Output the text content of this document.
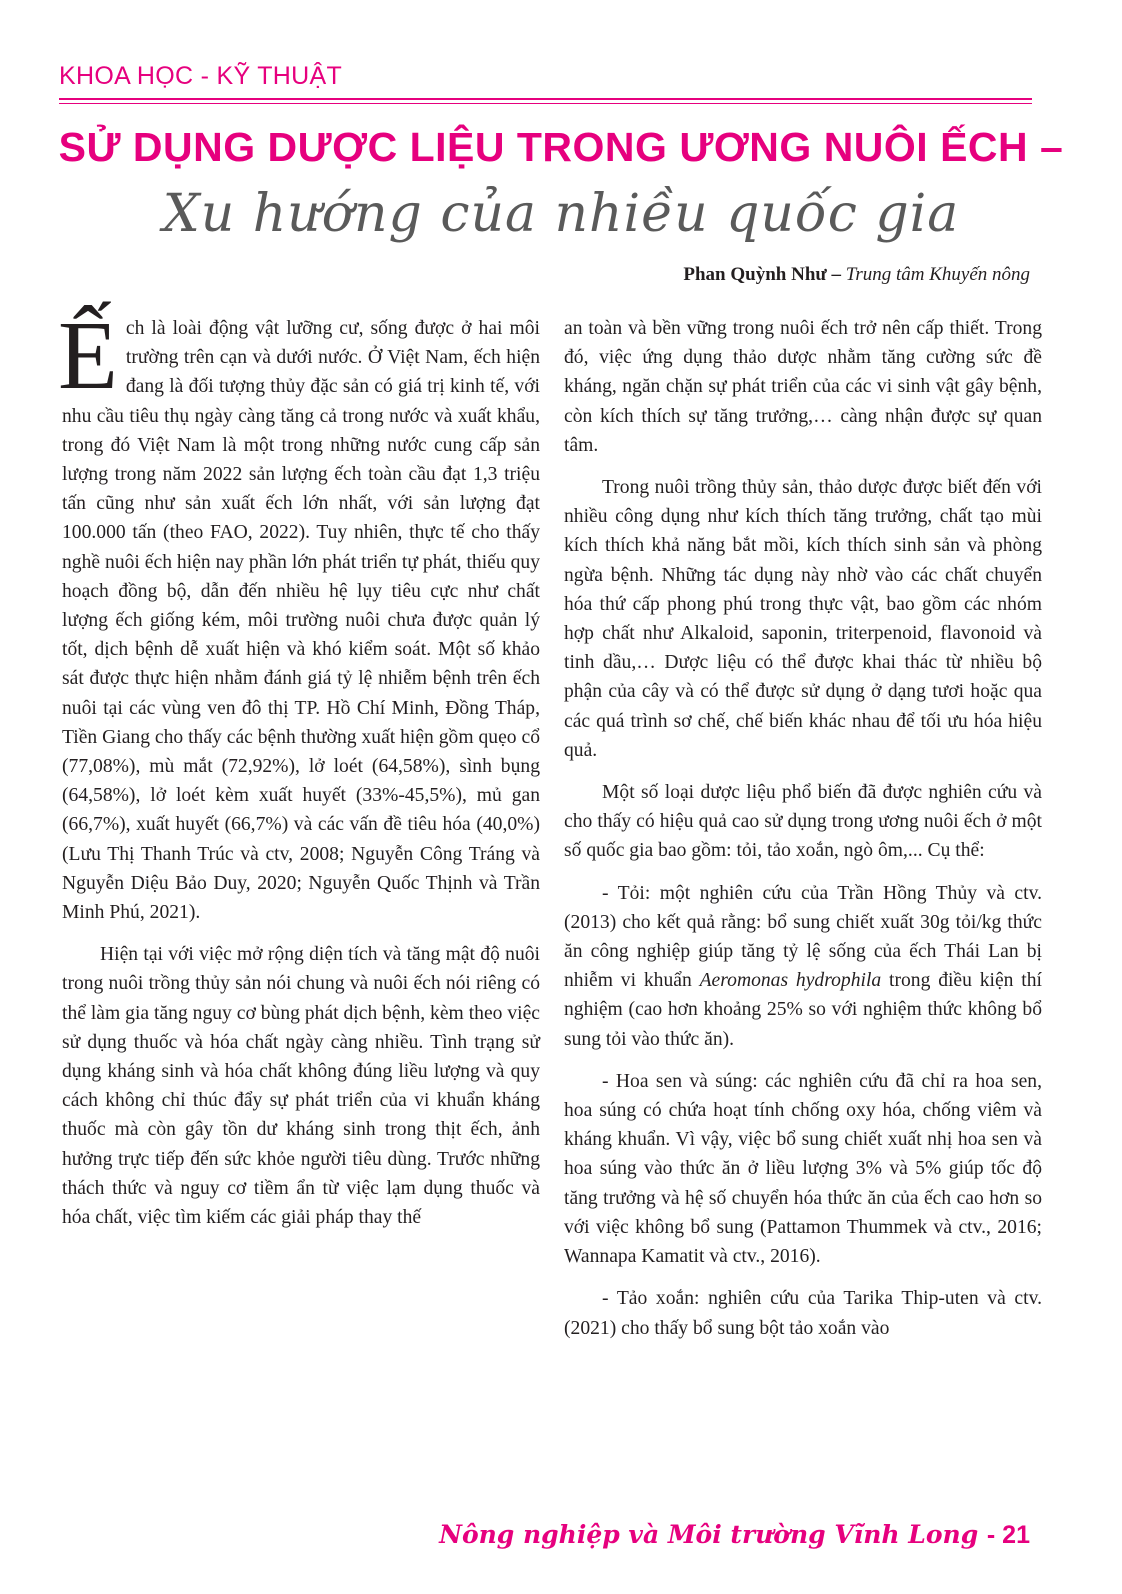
KHOA HỌC - KỸ THUẬT
SỬ DỤNG DƯỢC LIỆU TRONG ƯƠNG NUÔI ẾCH –
Xu hướng của nhiều quốc gia
Phan Quỳnh Như – Trung tâm Khuyến nông

Ếch là loài động vật lưỡng cư, sống được ở hai môi trường trên cạn và dưới nước. Ở Việt Nam, ếch hiện đang là đối tượng thủy đặc sản có giá trị kinh tế, với nhu cầu tiêu thụ ngày càng tăng cả trong nước và xuất khẩu, trong đó Việt Nam là một trong những nước cung cấp sản lượng trong năm 2022 sản lượng ếch toàn cầu đạt 1,3 triệu tấn cũng như sản xuất ếch lớn nhất, với sản lượng đạt 100.000 tấn (theo FAO, 2022). Tuy nhiên, thực tế cho thấy nghề nuôi ếch hiện nay phần lớn phát triển tự phát, thiếu quy hoạch đồng bộ, dẫn đến nhiều hệ lụy tiêu cực như chất lượng ếch giống kém, môi trường nuôi chưa được quản lý tốt, dịch bệnh dễ xuất hiện và khó kiểm soát. Một số khảo sát được thực hiện nhằm đánh giá tỷ lệ nhiễm bệnh trên ếch nuôi tại các vùng ven đô thị TP. Hồ Chí Minh, Đồng Tháp, Tiền Giang cho thấy các bệnh thường xuất hiện gồm quẹo cổ (77,08%), mù mắt (72,92%), lở loét (64,58%), sình bụng (64,58%), lở loét kèm xuất huyết (33%-45,5%), mủ gan (66,7%), xuất huyết (66,7%) và các vấn đề tiêu hóa (40,0%) (Lưu Thị Thanh Trúc và ctv, 2008; Nguyễn Công Tráng và Nguyễn Diệu Bảo Duy, 2020; Nguyễn Quốc Thịnh và Trần Minh Phú, 2021).

Hiện tại với việc mở rộng diện tích và tăng mật độ nuôi trong nuôi trồng thủy sản nói chung và nuôi ếch nói riêng có thể làm gia tăng nguy cơ bùng phát dịch bệnh, kèm theo việc sử dụng thuốc và hóa chất ngày càng nhiều. Tình trạng sử dụng kháng sinh và hóa chất không đúng liều lượng và quy cách không chỉ thúc đẩy sự phát triển của vi khuẩn kháng thuốc mà còn gây tồn dư kháng sinh trong thịt ếch, ảnh hưởng trực tiếp đến sức khỏe người tiêu dùng. Trước những thách thức và nguy cơ tiềm ẩn từ việc lạm dụng thuốc và hóa chất, việc tìm kiếm các giải pháp thay thế

an toàn và bền vững trong nuôi ếch trở nên cấp thiết. Trong đó, việc ứng dụng thảo dược nhằm tăng cường sức đề kháng, ngăn chặn sự phát triển của các vi sinh vật gây bệnh, còn kích thích sự tăng trưởng,… càng nhận được sự quan tâm.

Trong nuôi trồng thủy sản, thảo dược được biết đến với nhiều công dụng như kích thích tăng trưởng, chất tạo mùi kích thích khả năng bắt mồi, kích thích sinh sản và phòng ngừa bệnh. Những tác dụng này nhờ vào các chất chuyển hóa thứ cấp phong phú trong thực vật, bao gồm các nhóm hợp chất như Alkaloid, saponin, triterpenoid, flavonoid và tinh dầu,… Dược liệu có thể được khai thác từ nhiều bộ phận của cây và có thể được sử dụng ở dạng tươi hoặc qua các quá trình sơ chế, chế biến khác nhau để tối ưu hóa hiệu quả.

Một số loại dược liệu phổ biến đã được nghiên cứu và cho thấy có hiệu quả cao sử dụng trong ương nuôi ếch ở một số quốc gia bao gồm: tỏi, tảo xoắn, ngò ôm,... Cụ thể:

- Tỏi: một nghiên cứu của Trần Hồng Thủy và ctv. (2013) cho kết quả rằng: bổ sung chiết xuất 30g tỏi/kg thức ăn công nghiệp giúp tăng tỷ lệ sống của ếch Thái Lan bị nhiễm vi khuẩn Aeromonas hydrophila trong điều kiện thí nghiệm (cao hơn khoảng 25% so với nghiệm thức không bổ sung tỏi vào thức ăn).

- Hoa sen và súng: các nghiên cứu đã chỉ ra hoa sen, hoa súng có chứa hoạt tính chống oxy hóa, chống viêm và kháng khuẩn. Vì vậy, việc bổ sung chiết xuất nhị hoa sen và hoa súng vào thức ăn ở liều lượng 3% và 5% giúp tốc độ tăng trưởng và hệ số chuyển hóa thức ăn của ếch cao hơn so với việc không bổ sung (Pattamon Thummek và ctv., 2016; Wannapa Kamatit và ctv., 2016).

- Tảo xoắn: nghiên cứu của Tarika Thip-uten và ctv. (2021) cho thấy bổ sung bột tảo xoắn vào

Nông nghiệp và Môi trường Vĩnh Long - 21
